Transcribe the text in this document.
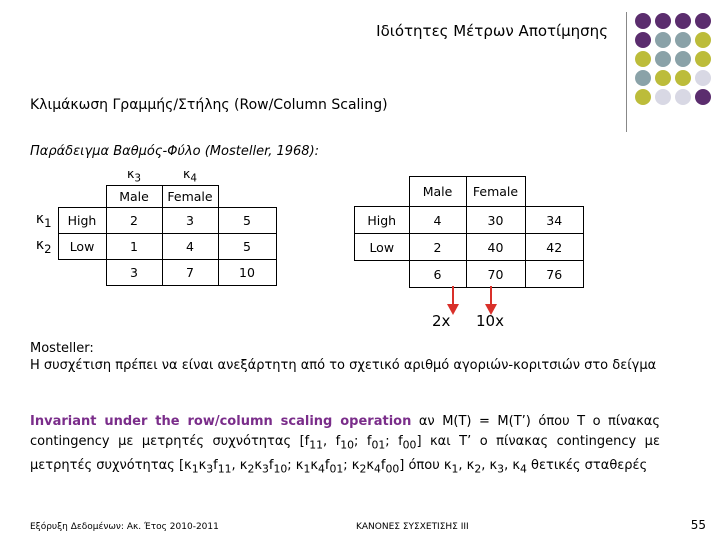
Ιδιότητες Μέτρων Αποτίμησης
Κλιμάκωση Γραμμής/Στήλης (Row/Column Scaling)
Παράδειγμα Βαθμός-Φύλο (Mosteller, 1968):
		$\kappa_3$	$\kappa_4$	
		Male	Female	
$\kappa_1$	High	2	3	5
$\kappa_2$	Low	1	4	5
		3	7	10
	Male	Female	
High	4	30	34
Low	2	40	42
	6	70	76
2x 10x
Mosteller:
Η συσχέτιση πρέπει να είναι ανεξάρτητη από το σχετικό αριθμό αγοριών-κοριτσιών στο δείγμα
Invariant under the row/column scaling operation αν Μ(Τ) = Μ(Τ’) όπου Τ ο πίνακας contingency με μετρητές συχνότητας [$f_{11}$, $f_{10}$; $f_{01}$; $f_{00}$] και Τ’ ο πίνακας contingency με μετρητές συχνότητας [$\kappa_1\kappa_3f_{11}$, $\kappa_2\kappa_3f_{10}$; $\kappa_1\kappa_4f_{01}$; $\kappa_2\kappa_4f_{00}$] όπου $\kappa_1$, $\kappa_2$, $\kappa_3$, $\kappa_4$ θετικές σταθερές
Εξόρυξη Δεδομένων: Ακ. Έτος 2010-2011	ΚΑΝΟΝΕΣ ΣΥΣΧΕΤΙΣΗΣ ΙΙΙ	55
